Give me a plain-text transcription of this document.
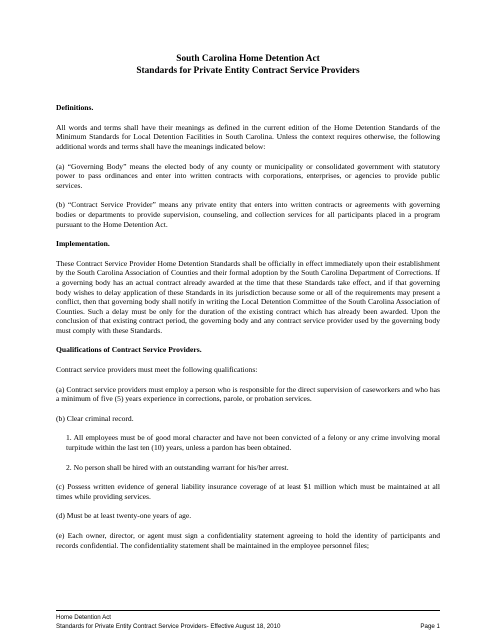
South Carolina Home Detention Act
Standards for Private Entity Contract Service Providers
Definitions.

All words and terms shall have their meanings as defined in the current edition of the Home Detention Standards of the Minimum Standards for Local Detention Facilities in South Carolina. Unless the context requires otherwise, the following additional words and terms shall have the meanings indicated below:

(a) “Governing Body” means the elected body of any county or municipality or consolidated government with statutory power to pass ordinances and enter into written contracts with corporations, enterprises, or agencies to provide public services.

(b) “Contract Service Provider” means any private entity that enters into written contracts or agreements with governing bodies or departments to provide supervision, counseling, and collection services for all participants placed in a program pursuant to the Home Detention Act.

Implementation.

These Contract Service Provider Home Detention Standards shall be officially in effect immediately upon their establishment by the South Carolina Association of Counties and their formal adoption by the South Carolina Department of Corrections. If a governing body has an actual contract already awarded at the time that these Standards take effect, and if that governing body wishes to delay application of these Standards in its jurisdiction because some or all of the requirements may present a conflict, then that governing body shall notify in writing the Local Detention Committee of the South Carolina Association of Counties. Such a delay must be only for the duration of the existing contract which has already been awarded. Upon the conclusion of that existing contract period, the governing body and any contract service provider used by the governing body must comply with these Standards.

Qualifications of Contract Service Providers.

Contract service providers must meet the following qualifications:

(a) Contract service providers must employ a person who is responsible for the direct supervision of caseworkers and who has a minimum of five (5) years experience in corrections, parole, or probation services.

(b) Clear criminal record.

1. All employees must be of good moral character and have not been convicted of a felony or any crime involving moral turpitude within the last ten (10) years, unless a pardon has been obtained.

2. No person shall be hired with an outstanding warrant for his/her arrest.

(c) Possess written evidence of general liability insurance coverage of at least $1 million which must be maintained at all times while providing services.

(d) Must be at least twenty-one years of age.

(e) Each owner, director, or agent must sign a confidentiality statement agreeing to hold the identity of participants and records confidential. The confidentiality statement shall be maintained in the employee personnel files;

Home Detention Act
Standards for Private Entity Contract Service Providers- Effective August 18, 2010	Page 1
